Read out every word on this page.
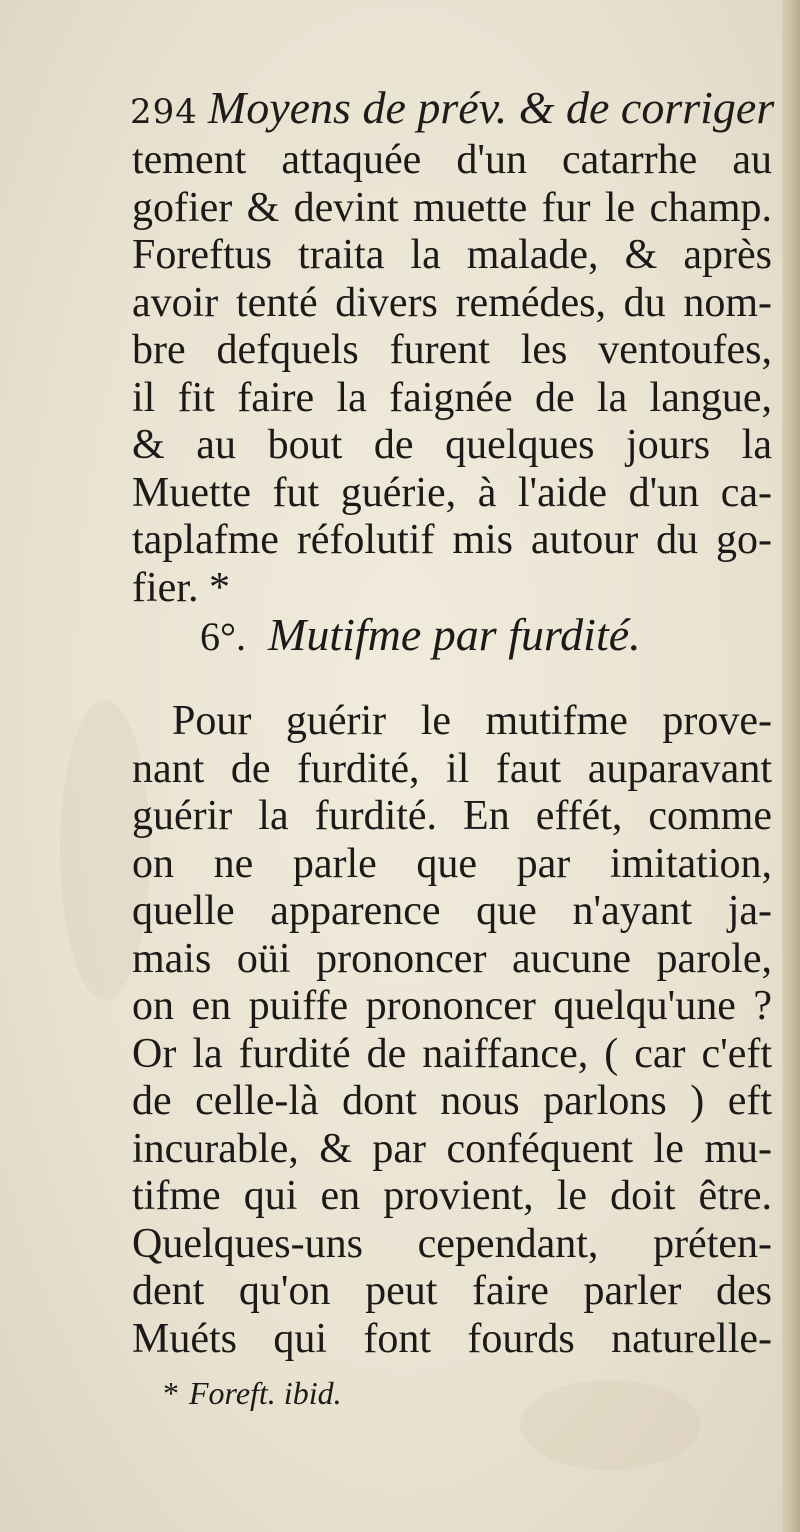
294 Moyens de prév. & de corriger
tement attaquée d'un catarrhe au
gofier & devint muette fur le champ.
Foreftus traita la malade, & après
avoir tenté divers remédes, du nom-
bre defquels furent les ventoufes,
il fit faire la faignée de la langue,
& au bout de quelques jours la
Muette fut guérie, à l'aide d'un ca-
taplafme réfolutif mis autour du go-
fier. *
6°. Mutifme par furdité.
Pour guérir le mutifme prove-
nant de furdité, il faut auparavant
guérir la furdité. En effét, comme
on ne parle que par imitation,
quelle apparence que n'ayant ja-
mais oüi prononcer aucune parole,
on en puiffe prononcer quelqu'une ?
Or la furdité de naiffance, ( car c'eft
de celle-là dont nous parlons ) eft
incurable, & par conféquent le mu-
tifme qui en provient, le doit être.
Quelques-uns cependant, préten-
dent qu'on peut faire parler des
Muéts qui font fourds naturelle-
* Foreft. ibid.
